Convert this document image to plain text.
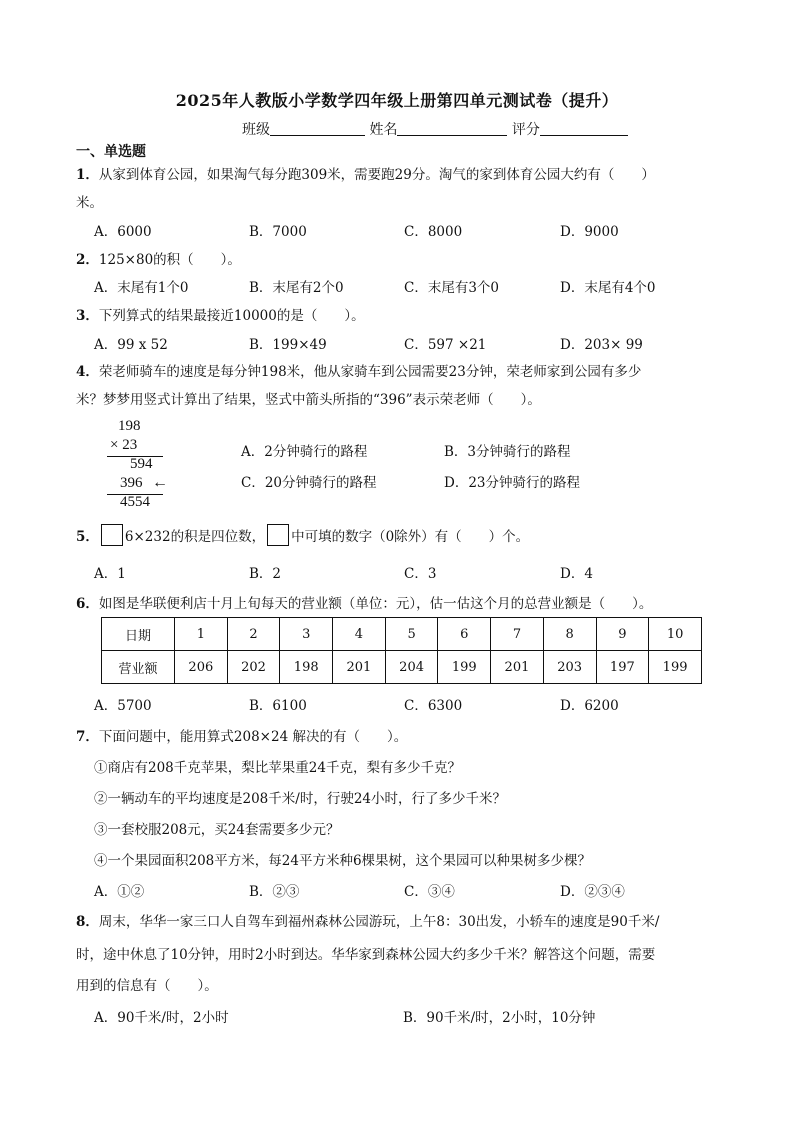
2025年人教版小学数学四年级上册第四单元测试卷（提升）
班级	姓名	评分
一、单选题
1．从家到体育公园，如果淘气每分跑309米，需要跑29分。淘气的家到体育公园大约有（　　）
米。
A．6000	B．7000	C．8000	D．9000
2．125×80的积（　　）。
A．末尾有1个0	B．末尾有2个0	C．末尾有3个0	D．末尾有4个0
3．下列算式的结果最接近10000的是（　　）。
A．99 x 52	B．199×49	C．597 ×21	D．203× 99
4．荣老师骑车的速度是每分钟198米，他从家骑车到公园需要23分钟，荣老师家到公园有多少
米？梦梦用竖式计算出了结果，竖式中箭头所指的“396”表示荣老师（　　）。
198
× 23
594
396 ←
4554
A．2分钟骑行的路程	B．3分钟骑行的路程
C．20分钟骑行的路程	D．23分钟骑行的路程
5． 6×232的积是四位数， 中可填的数字（0除外）有（　　）个。
A．1	B．2	C．3	D．4
6．如图是华联便利店十月上旬每天的营业额（单位：元），估一估这个月的总营业额是（　　）。
日期	1	2	3	4	5	6	7	8	9	10
营业额	206	202	198	201	204	199	201	203	197	199
A．5700	B．6100	C．6300	D．6200
7．下面问题中，能用算式208×24 解决的有（　　）。
①商店有208千克苹果，梨比苹果重24千克，梨有多少千克？
②一辆动车的平均速度是208千米/时，行驶24小时，行了多少千米？
③一套校服208元，买24套需要多少元？
④一个果园面积208平方米，每24平方米种6棵果树，这个果园可以种果树多少棵？
A．①②	B．②③	C．③④	D．②③④
8．周末，华华一家三口人自驾车到福州森林公园游玩，上午8：30出发，小轿车的速度是90千米/
时，途中休息了10分钟，用时2小时到达。华华家到森林公园大约多少千米？解答这个问题，需要
用到的信息有（　　）。
A．90千米/时，2小时	B．90千米/时，2小时，10分钟
